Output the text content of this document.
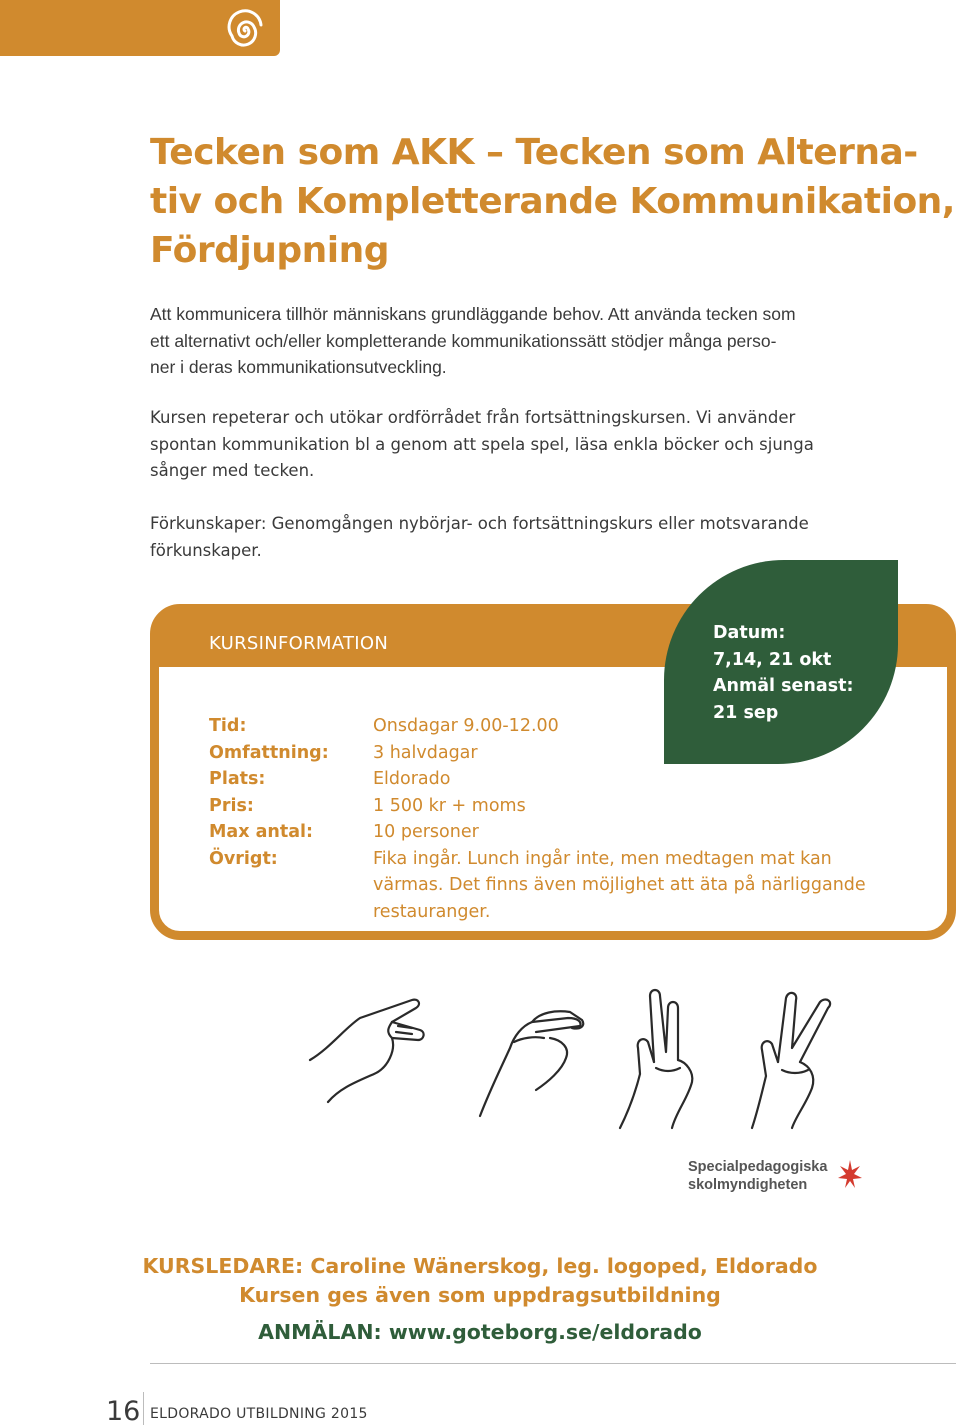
Tecken som AKK – Tecken som Alterna-
tiv och Kompletterande Kommunikation,
Fördjupning

Att kommunicera tillhör människans grundläggande behov. Att använda tecken som
ett alternativt och/eller kompletterande kommunikationssätt stödjer många perso-
ner i deras kommunikationsutveckling.

Kursen repeterar och utökar ordförrådet från fortsättningskursen. Vi använder
spontan kommunikation bl a genom att spela spel, läsa enkla böcker och sjunga
sånger med tecken.

Förkunskaper: Genomgången nybörjar- och fortsättningskurs eller motsvarande
förkunskaper.

KURSINFORMATION
Tid:	Onsdagar 9.00-12.00
Omfattning:	3 halvdagar
Plats:	Eldorado
Pris:	1 500 kr + moms
Max antal:	10 personer
Övrigt:	Fika ingår. Lunch ingår inte, men medtagen mat kan
värmas. Det finns även möjlighet att äta på närliggande
restauranger.
Datum:
7,14, 21 okt
Anmäl senast:
21 sep
Specialpedagogiska
skolmyndigheten
KURSLEDARE: Caroline Wänerskog, leg. logoped, Eldorado
Kursen ges även som uppdragsutbildning
ANMÄLAN: www.goteborg.se/eldorado
16 ELDORADO UTBILDNING 2015
